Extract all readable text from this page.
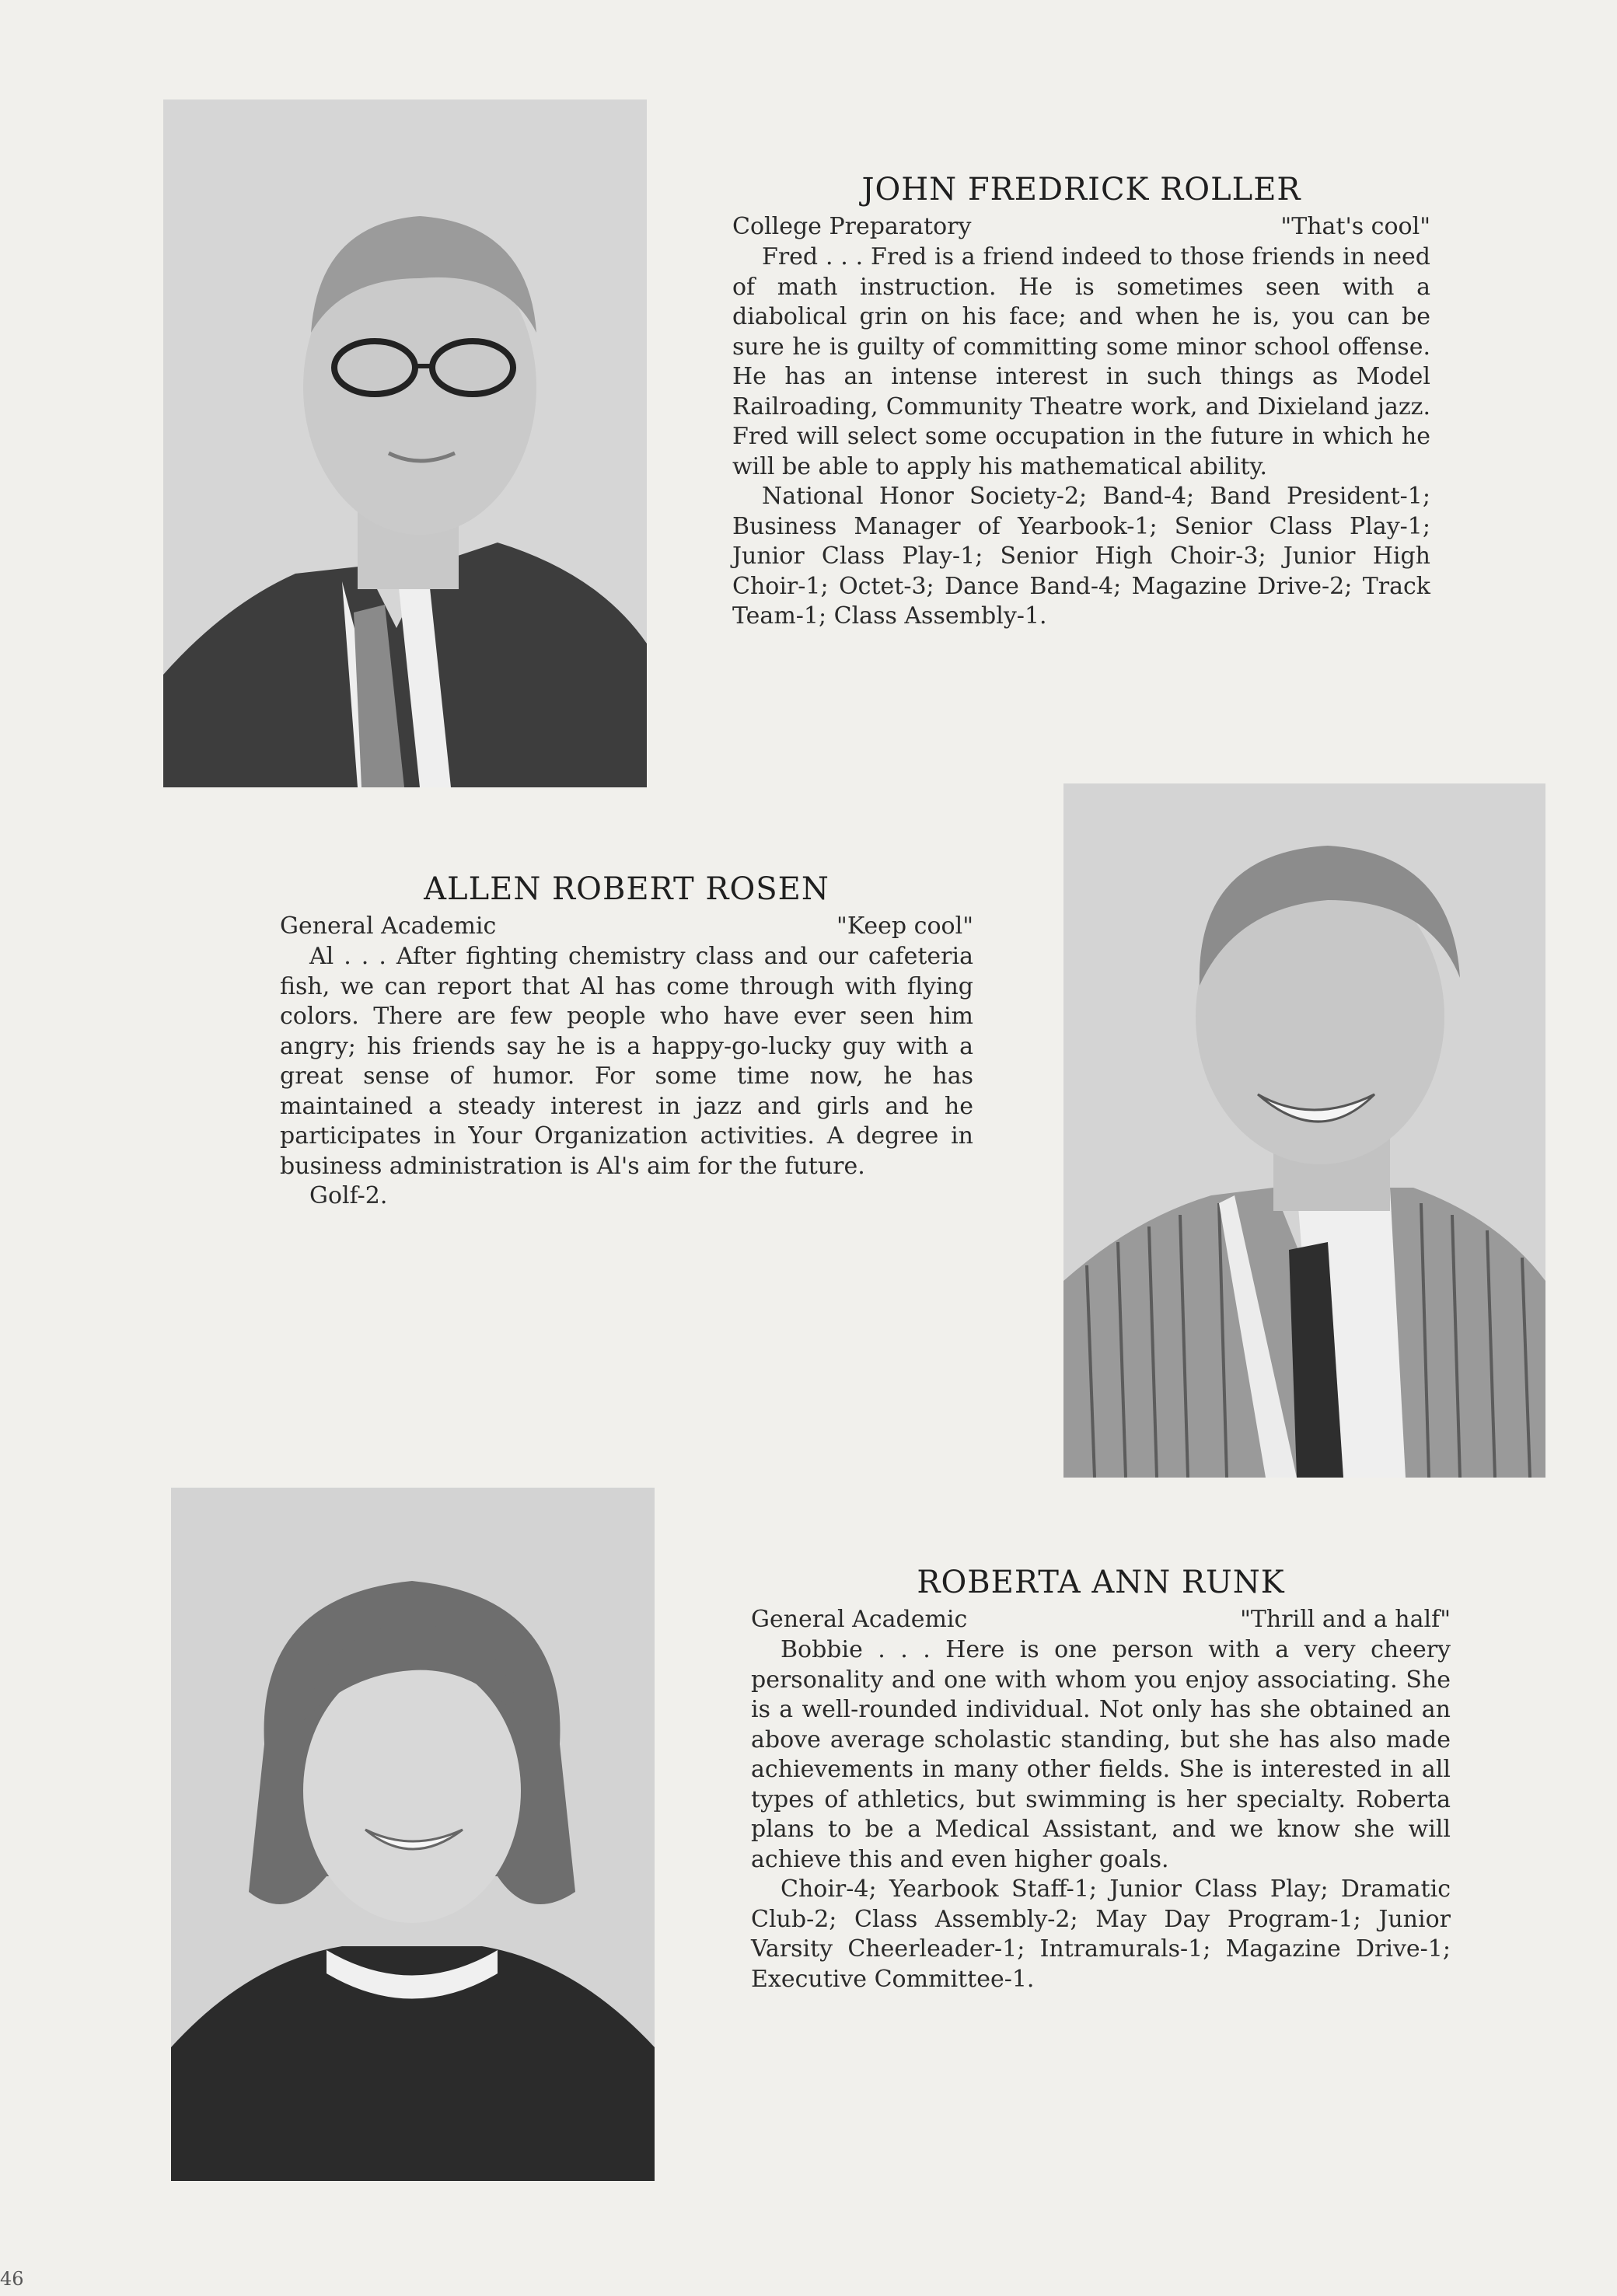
JOHN FREDRICK ROLLER
College Preparatory	"That's cool"

Fred . . . Fred is a friend indeed to those friends in need of math instruction. He is sometimes seen with a diabolical grin on his face; and when he is, you can be sure he is guilty of committing some minor school offense. He has an intense interest in such things as Model Railroading, Community Theatre work, and Dixieland jazz. Fred will select some occupation in the future in which he will be able to apply his mathematical ability.

National Honor Society-2; Band-4; Band President-1; Business Manager of Yearbook-1; Senior Class Play-1; Junior Class Play-1; Senior High Choir-3; Junior High Choir-1; Octet-3; Dance Band-4; Magazine Drive-2; Track Team-1; Class Assembly-1.

ALLEN ROBERT ROSEN
General Academic	"Keep cool"

Al . . . After fighting chemistry class and our cafeteria fish, we can report that Al has come through with flying colors. There are few people who have ever seen him angry; his friends say he is a happy-go-lucky guy with a great sense of humor. For some time now, he has maintained a steady interest in jazz and girls and he participates in Your Organization activities. A degree in business administration is Al's aim for the future.

Golf-2.

ROBERTA ANN RUNK
General Academic	"Thrill and a half"

Bobbie . . . Here is one person with a very cheery personality and one with whom you enjoy associating. She is a well-rounded individual. Not only has she obtained an above average scholastic standing, but she has also made achievements in many other fields. She is interested in all types of athletics, but swimming is her specialty. Roberta plans to be a Medical Assistant, and we know she will achieve this and even higher goals.

Choir-4; Yearbook Staff-1; Junior Class Play; Dramatic Club-2; Class Assembly-2; May Day Program-1; Junior Varsity Cheerleader-1; Intramurals-1; Magazine Drive-1; Executive Committee-1.

46
